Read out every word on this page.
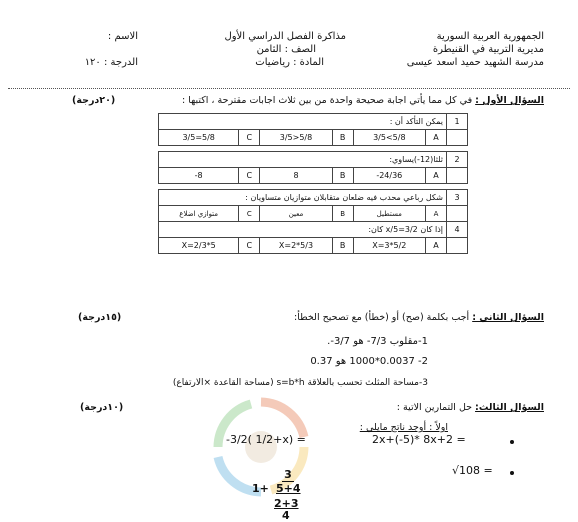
الجمهورية العربية السورية
مديرية التربية في القنيطرة
مدرسة الشهيد حميد اسعد عيسى
مذاكرة الفصل الدراسي الأول
الصف : الثامن
المادة : رياضيات
الاسم :
الدرجة : ١٢٠
السؤال الأول : في كل مما يأتي اجابة صحيحة واحدة من بين ثلاث اجابات مقترحة ، اكتبها :
(٢٠درجة)
يمكن التأكد أن :						1
3/5=5/8	C	3/5>5/8	B	3/5<5/8	A	

ثلثا(12-)يساوي:						2
-8	C	8	B	-24/36	A	

شكل رباعي محدب فيه ضلعان متقابلان متوازيان متساويان :						3
متوازي اضلاع	C	معين	B	مستطيل	A	
إذا كان x/5=3/2 كان:						4
X=2/3*5	C	X=2*5/3	B	X=3*5/2	A	
السؤال الثاني : أجب بكلمة (صح) أو (خطأ) مع تصحيح الخطأ:
(١٥درجة)
1-مقلوب 7/3- هو 3/7-.
2- 0.0037*1000 هو 0.37
3-مساحة المثلث تحسب بالعلاقة s=b*h (مساحة القاعدة ×الارتفاع)
السؤال الثالث: حل التمارين الاتية :
(١٠درجة)
اولاً : أوجد ناتج مايلي :
2x+(-5)* 8x+2 =
-3/2( 1/2+x) =
√108 =
3
1+ 5+4
2+3
4
